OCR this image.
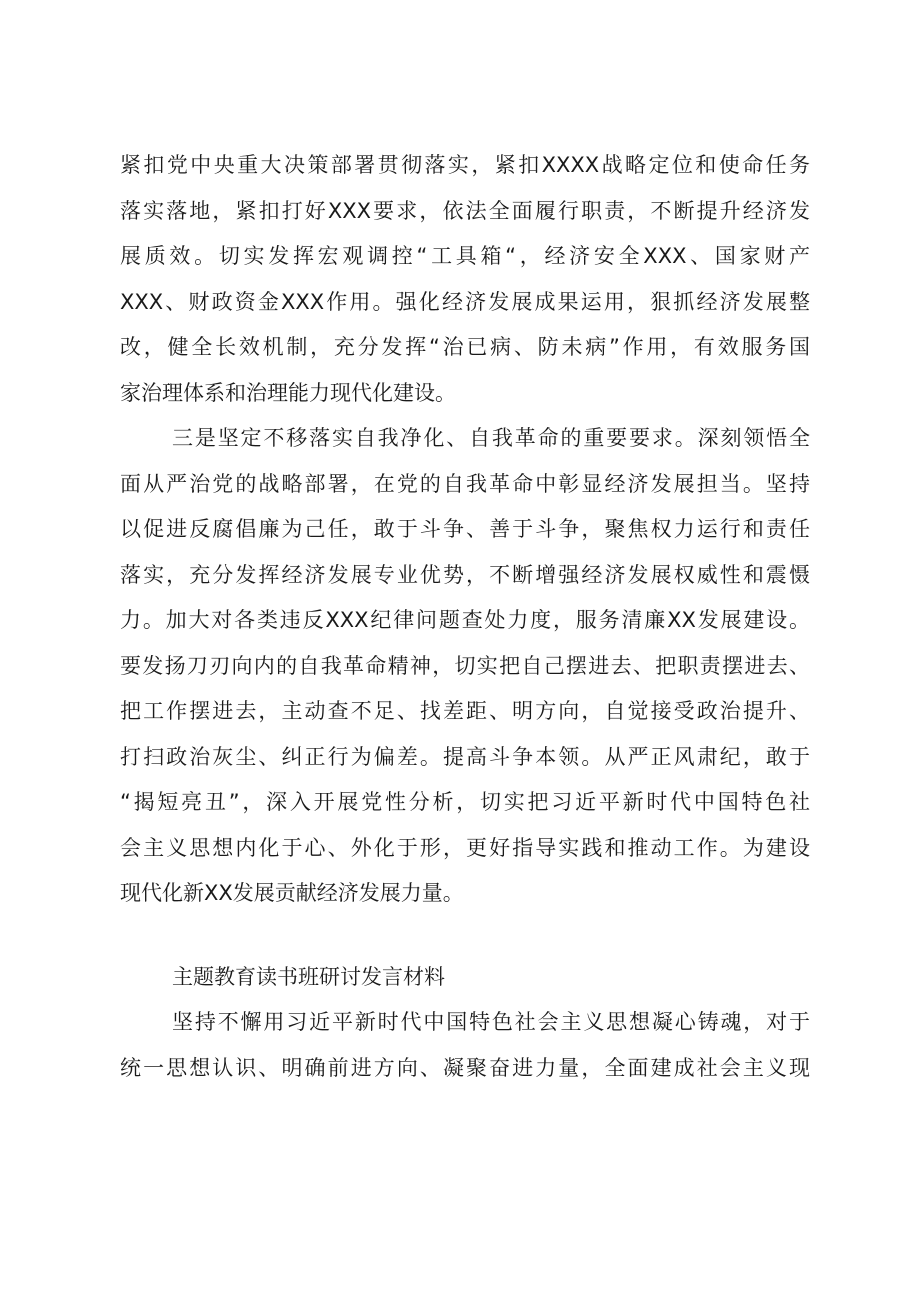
紧扣党中央重大决策部署贯彻落实，紧扣XXXX战略定位和使命任务
落实落地，紧扣打好XXX要求，依法全面履行职责，不断提升经济发
展质效。切实发挥宏观调控“工具箱“，经济安全XXX、国家财产
XXX、财政资金XXX作用。强化经济发展成果运用，狠抓经济发展整
改，健全长效机制，充分发挥“治已病、防未病”作用，有效服务国
家治理体系和治理能力现代化建设。
三是坚定不移落实自我净化、自我革命的重要要求。深刻领悟全
面从严治党的战略部署，在党的自我革命中彰显经济发展担当。坚持
以促进反腐倡廉为己任，敢于斗争、善于斗争，聚焦权力运行和责任
落实，充分发挥经济发展专业优势，不断增强经济发展权威性和震慑
力。加大对各类违反XXX纪律问题查处力度，服务清廉XX发展建设。
要发扬刀刃向内的自我革命精神，切实把自己摆进去、把职责摆进去、
把工作摆进去，主动查不足、找差距、明方向，自觉接受政治提升、
打扫政治灰尘、纠正行为偏差。提高斗争本领。从严正风肃纪，敢于
“揭短亮丑”，深入开展党性分析，切实把习近平新时代中国特色社
会主义思想内化于心、外化于形，更好指导实践和推动工作。为建设
现代化新XX发展贡献经济发展力量。
主题教育读书班研讨发言材料
坚持不懈用习近平新时代中国特色社会主义思想凝心铸魂，对于
统一思想认识、明确前进方向、凝聚奋进力量，全面建成社会主义现
